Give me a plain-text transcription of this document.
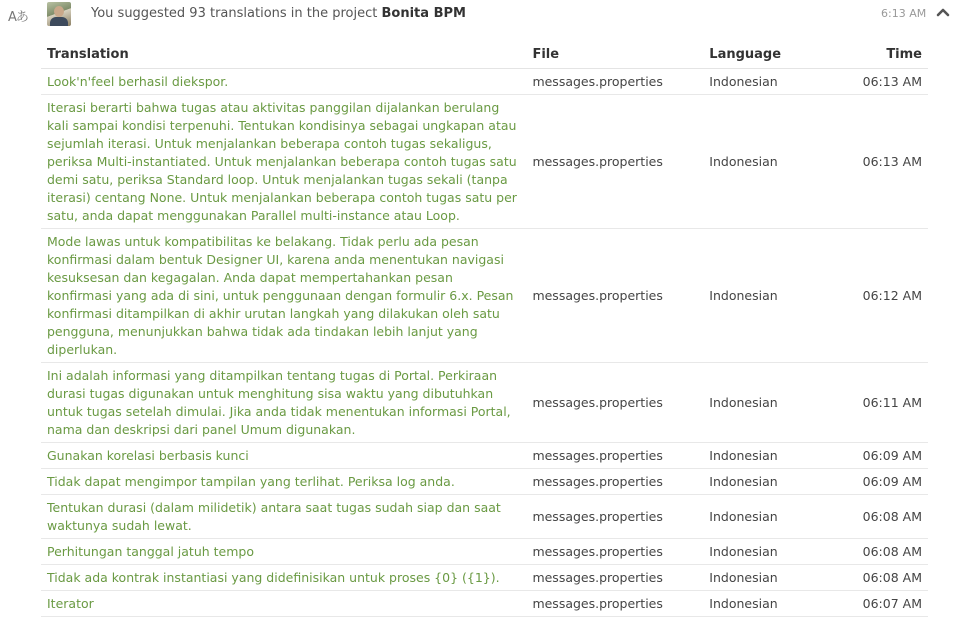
Aあ	You suggested 93 translations in the project Bonita BPM	6:13 AM
Translation	File	Language	Time
Look'n'feel berhasil diekspor.	messages.properties	Indonesian	06:13 AM
Iterasi berarti bahwa tugas atau aktivitas panggilan dijalankan berulang kali sampai kondisi terpenuhi. Tentukan kondisinya sebagai ungkapan atau sejumlah iterasi. Untuk menjalankan beberapa contoh tugas sekaligus, periksa Multi-instantiated. Untuk menjalankan beberapa contoh tugas satu demi satu, periksa Standard loop. Untuk menjalankan tugas sekali (tanpa iterasi) centang None. Untuk menjalankan beberapa contoh tugas satu per satu, anda dapat menggunakan Parallel multi-instance atau Loop.	messages.properties	Indonesian	06:13 AM
Mode lawas untuk kompatibilitas ke belakang. Tidak perlu ada pesan konfirmasi dalam bentuk Designer UI, karena anda menentukan navigasi kesuksesan dan kegagalan. Anda dapat mempertahankan pesan konfirmasi yang ada di sini, untuk penggunaan dengan formulir 6.x. Pesan konfirmasi ditampilkan di akhir urutan langkah yang dilakukan oleh satu pengguna, menunjukkan bahwa tidak ada tindakan lebih lanjut yang diperlukan.	messages.properties	Indonesian	06:12 AM
Ini adalah informasi yang ditampilkan tentang tugas di Portal. Perkiraan durasi tugas digunakan untuk menghitung sisa waktu yang dibutuhkan untuk tugas setelah dimulai. Jika anda tidak menentukan informasi Portal, nama dan deskripsi dari panel Umum digunakan.	messages.properties	Indonesian	06:11 AM
Gunakan korelasi berbasis kunci	messages.properties	Indonesian	06:09 AM
Tidak dapat mengimpor tampilan yang terlihat. Periksa log anda.	messages.properties	Indonesian	06:09 AM
Tentukan durasi (dalam milidetik) antara saat tugas sudah siap dan saat waktunya sudah lewat.	messages.properties	Indonesian	06:08 AM
Perhitungan tanggal jatuh tempo	messages.properties	Indonesian	06:08 AM
Tidak ada kontrak instantiasi yang didefinisikan untuk proses {0} ({1}).	messages.properties	Indonesian	06:08 AM
Iterator	messages.properties	Indonesian	06:07 AM
